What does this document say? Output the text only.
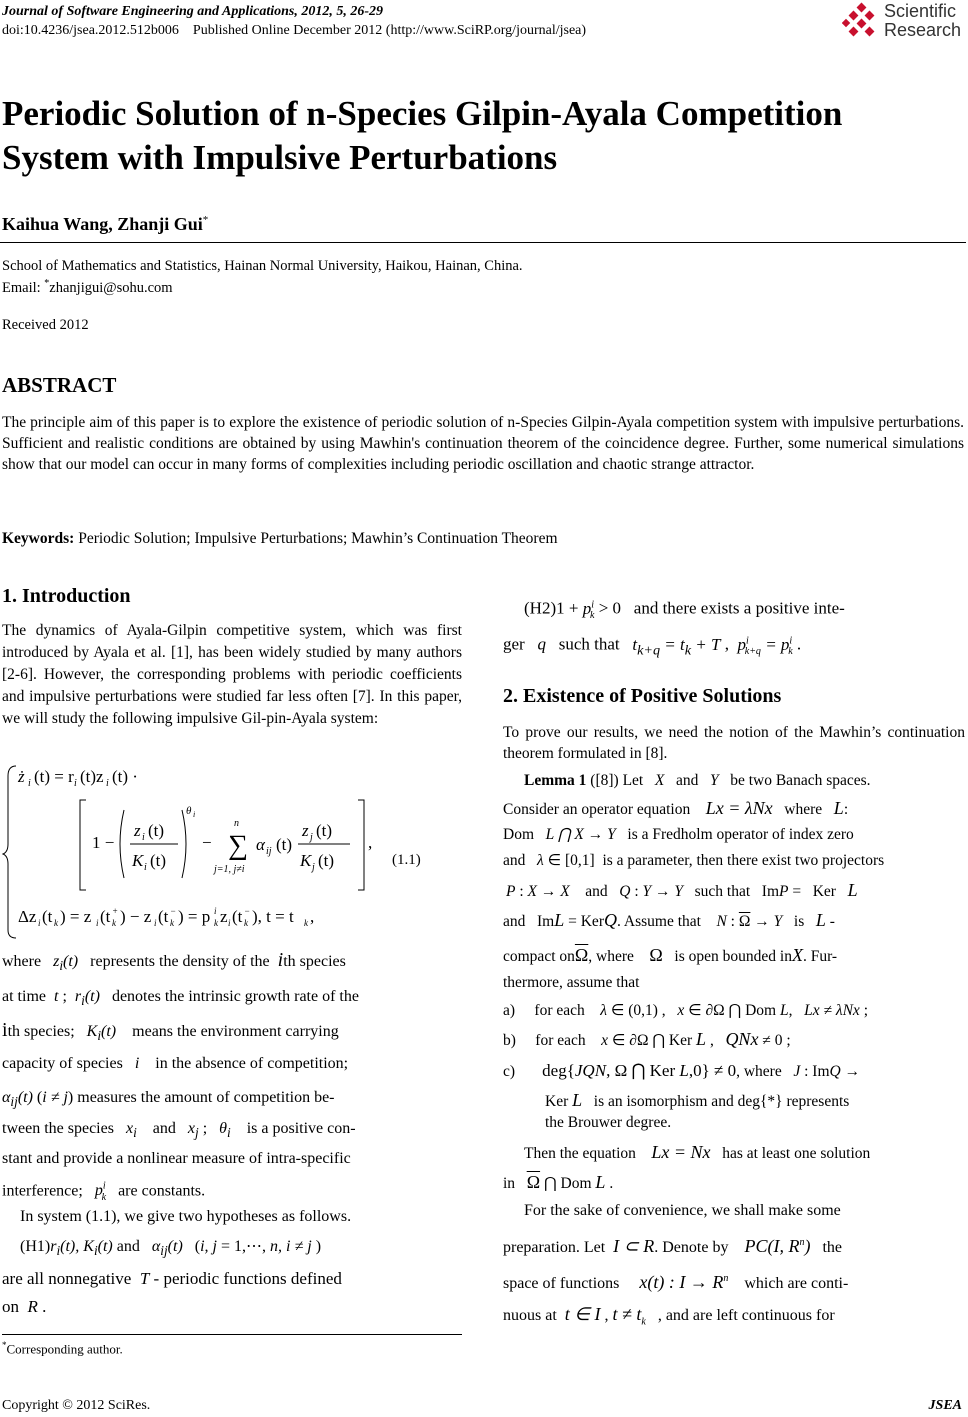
Journal of Software Engineering and Applications, 2012, 5, 26-29
doi:10.4236/jsea.2012.512b006    Published Online December 2012 (http://www.SciRP.org/journal/jsea)
Scientific
Research
Periodic Solution of n-Species Gilpin-Ayala Competition
System with Impulsive Perturbations
Kaihua Wang, Zhanji Gui*
School of Mathematics and Statistics, Hainan Normal University, Haikou, Hainan, China.
Email: *zhanjigui@sohu.com
Received 2012
ABSTRACT
The principle aim of this paper is to explore the existence of periodic solution of n-Species Gilpin-Ayala competition system with impulsive perturbations. Sufficient and realistic conditions are obtained by using Mawhin's continuation theorem of the coincidence degree. Further, some numerical simulations show that our model can occur in many forms of complexities including periodic oscillation and chaotic strange attractor.
Keywords: Periodic Solution; Impulsive Perturbations; Mawhin’s Continuation Theorem
1. Introduction
The dynamics of Ayala-Gilpin competitive system, which was first introduced by Ayala et al. [1], has been widely studied by many authors [2-6]. However, the corresponding problems with periodic coefficients and impulsive perturbations were studied far less often [7]. In this paper, we will study the following impulsive Gil-pin-Ayala system:
ż i (t) = r i (t)z i (t) ·
1 −
z i (t)
K i (t)
θ i
− ∑
n
j=1, j≠i
α ij (t)
z j (t)
K j (t)
,
Δz i (t k ) = z i (t +
k ) − z i (t −
k ) = p i
k z i (t −
k ), t = t k ,
(1.1)
where   $z_i(t)$ represents the density of the ith species
at time t ;  $r_i(t)$ denotes the intrinsic growth rate of the
ith species; $K_i(t)$ means the environment carrying
capacity of species i in the absence of competition;
$\alpha_{ij}(t) (i \ne j)$ measures the amount of competition be-
tween the species $x_i$ and $x_j$ ;   $\theta_i$ is a positive con-
stant and provide a nonlinear measure of intra-specific
interference; $p^i_k$ are constants.
In system (1.1), we give two hypotheses as follows.
$(H1)r_i(t)$, $K_i(t)$ and $\alpha_{ij}(t)$   (i, j = 1,⋯, n, i ≠ j )
are all nonnegative T - periodic functions defined
on R .
*Corresponding author.
$(H2)1 + p^i_k > 0$   and there exists a positive inte-
ger q such that $t_{k+q} = t_k + T$ ,  $p^i_{k+q} = p^i_k$ .
2. Existence of Positive Solutions
To prove our results, we need the notion of the Mawhin’s continuation theorem formulated in [8].
Lemma 1 ([8]) Let X and Y be two Banach spaces.
Consider an operator equation Lx = λNx where L:
Dom L ⋂ X → Y is a Fredholm operator of index zero
and λ ∈ [0,1]  is a parameter, then there exist two projectors
P : X → X and Q : Y → Y such that   ImP =   Ker L
and   ImL = KerQ. Assume that N : $\overline{\Omega} \to Y$ is L -
compact $on\overline{\Omega}$, where Ω is open bounded inX. Fur-
thermore, assume that
a) for each λ ∈ (0,1) ,   x ∈ ∂Ω ⋂ Dom L,   Lx ≠ λNx ;
b) for each x ∈ ∂Ω ⋂ Ker L ,   QNx ≠ 0 ;
c) deg{JQN, Ω ⋂ Ker L,0} ≠ 0, where J : ImQ →
Ker L is an isomorphism and deg{*} represents
the Brouwer degree.
Then the equation Lx = Nx has at least one solution
in $\overline{\Omega}$ ⋂ Dom L .
For the sake of convenience, we shall make some
preparation. Let I ⊂ R. Denote by PC(I, $R^n$) the
space of functions x(t) : $I \to R^n$ which are conti-
nuous at t ∈ I , $t \ne t_k$ , and are left continuous for
Copyright © 2012 SciRes.	JSEA
